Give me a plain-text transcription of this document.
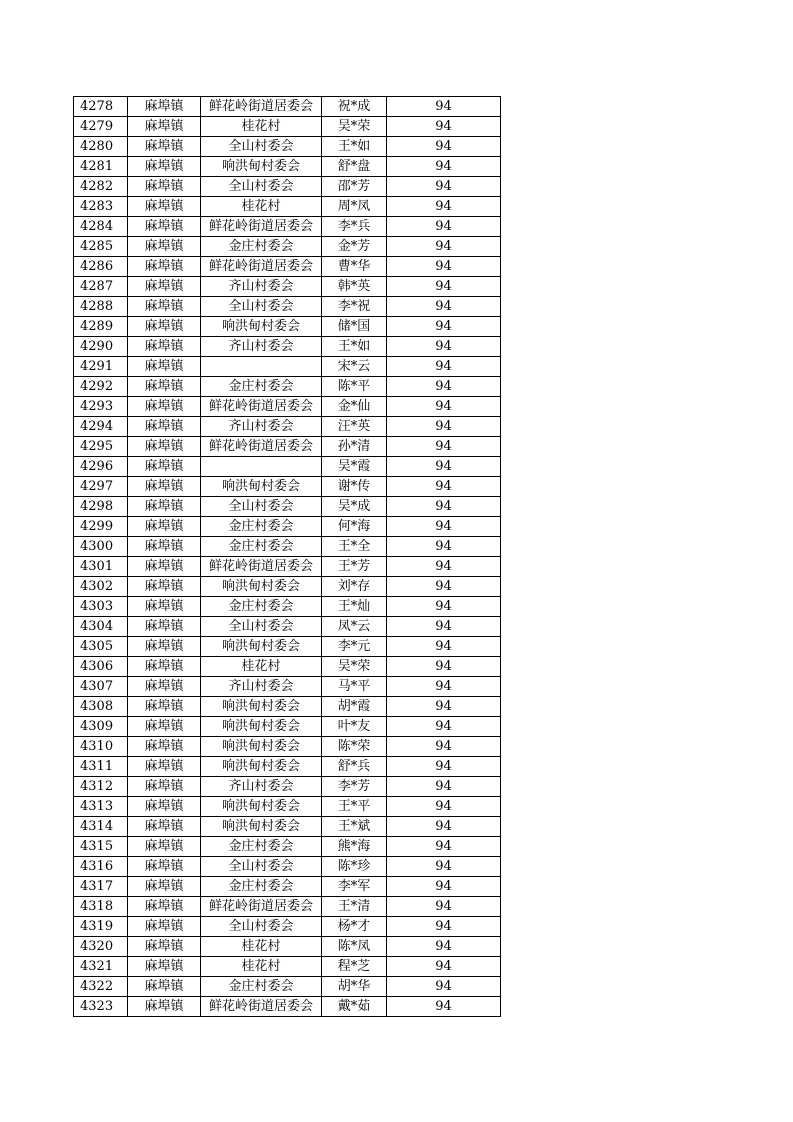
4278	麻埠镇	鲜花岭街道居委会	祝*成	94
4279	麻埠镇	桂花村	吴*荣	94
4280	麻埠镇	全山村委会	王*如	94
4281	麻埠镇	响洪甸村委会	舒*盘	94
4282	麻埠镇	全山村委会	邵*芳	94
4283	麻埠镇	桂花村	周*凤	94
4284	麻埠镇	鲜花岭街道居委会	李*兵	94
4285	麻埠镇	金庄村委会	金*芳	94
4286	麻埠镇	鲜花岭街道居委会	曹*华	94
4287	麻埠镇	齐山村委会	韩*英	94
4288	麻埠镇	全山村委会	李*祝	94
4289	麻埠镇	响洪甸村委会	储*国	94
4290	麻埠镇	齐山村委会	王*如	94
4291	麻埠镇		宋*云	94
4292	麻埠镇	金庄村委会	陈*平	94
4293	麻埠镇	鲜花岭街道居委会	金*仙	94
4294	麻埠镇	齐山村委会	汪*英	94
4295	麻埠镇	鲜花岭街道居委会	孙*清	94
4296	麻埠镇		吴*霞	94
4297	麻埠镇	响洪甸村委会	谢*传	94
4298	麻埠镇	全山村委会	吴*成	94
4299	麻埠镇	金庄村委会	何*海	94
4300	麻埠镇	金庄村委会	王*全	94
4301	麻埠镇	鲜花岭街道居委会	王*芳	94
4302	麻埠镇	响洪甸村委会	刘*存	94
4303	麻埠镇	金庄村委会	王*灿	94
4304	麻埠镇	全山村委会	凤*云	94
4305	麻埠镇	响洪甸村委会	李*元	94
4306	麻埠镇	桂花村	吴*荣	94
4307	麻埠镇	齐山村委会	马*平	94
4308	麻埠镇	响洪甸村委会	胡*霞	94
4309	麻埠镇	响洪甸村委会	叶*友	94
4310	麻埠镇	响洪甸村委会	陈*荣	94
4311	麻埠镇	响洪甸村委会	舒*兵	94
4312	麻埠镇	齐山村委会	李*芳	94
4313	麻埠镇	响洪甸村委会	王*平	94
4314	麻埠镇	响洪甸村委会	王*斌	94
4315	麻埠镇	金庄村委会	熊*海	94
4316	麻埠镇	全山村委会	陈*珍	94
4317	麻埠镇	金庄村委会	李*军	94
4318	麻埠镇	鲜花岭街道居委会	王*清	94
4319	麻埠镇	全山村委会	杨*才	94
4320	麻埠镇	桂花村	陈*凤	94
4321	麻埠镇	桂花村	程*芝	94
4322	麻埠镇	金庄村委会	胡*华	94
4323	麻埠镇	鲜花岭街道居委会	戴*茹	94
